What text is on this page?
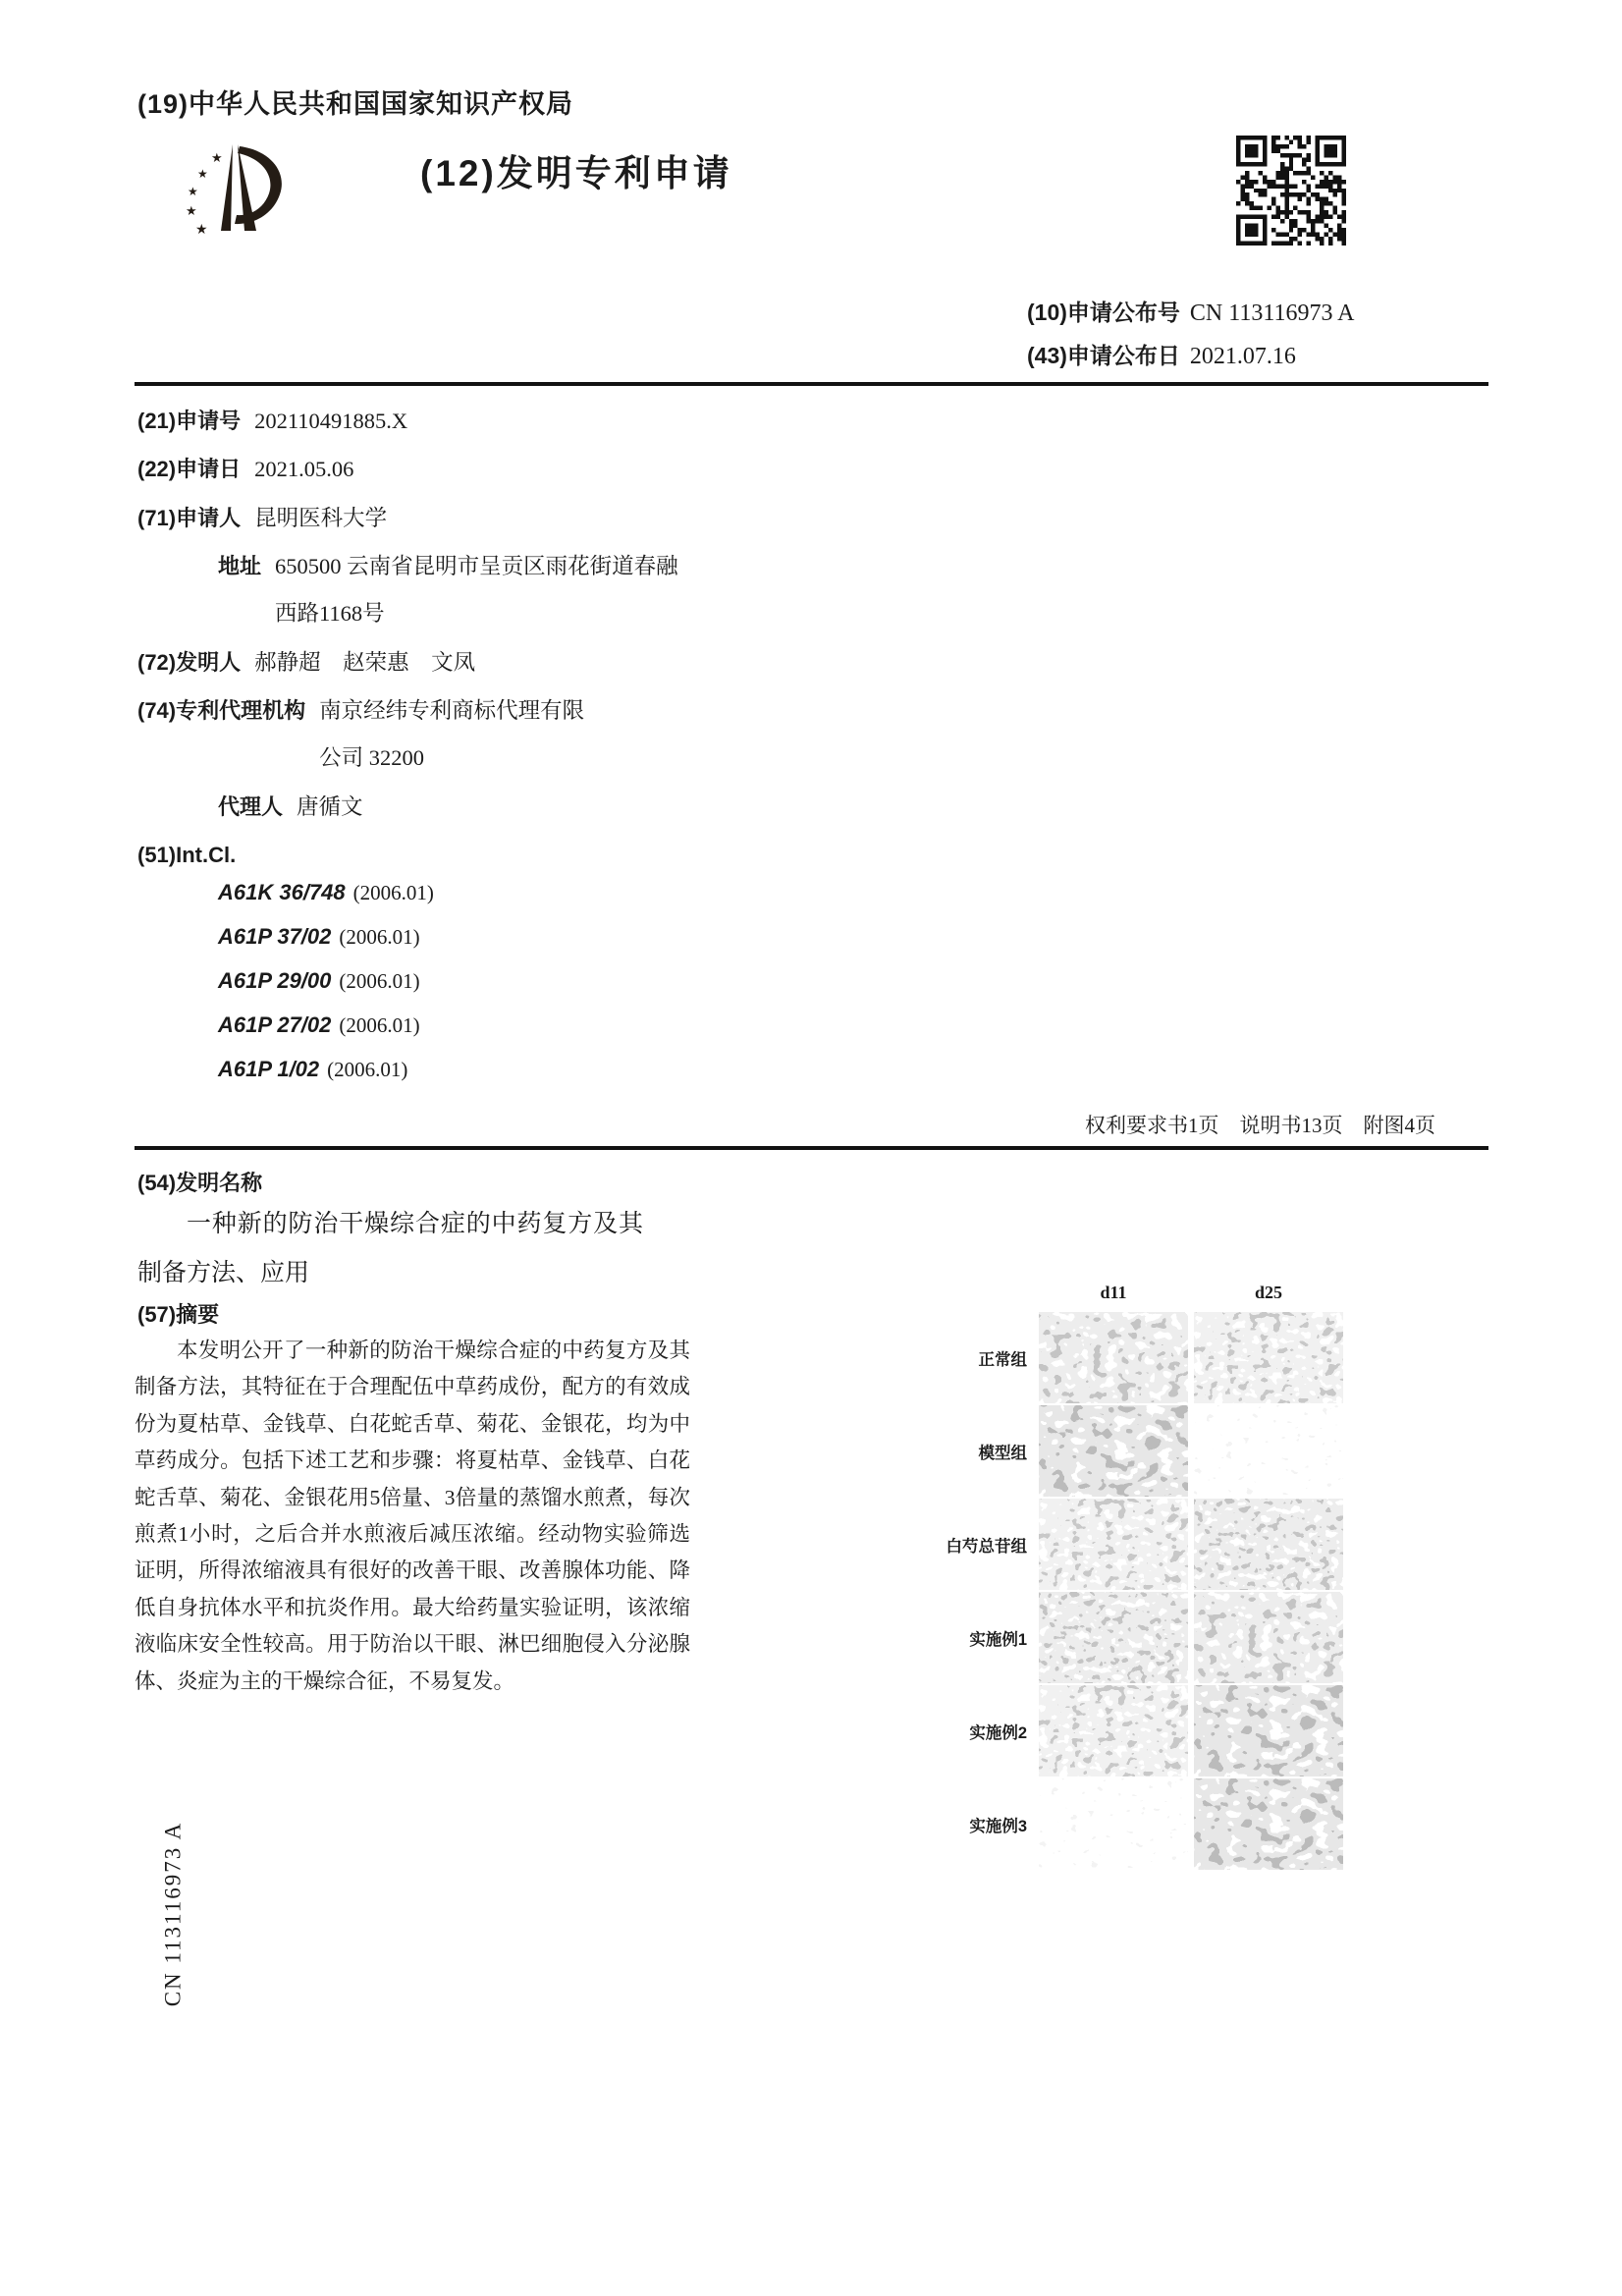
(19)中华人民共和国国家知识产权局
★
★
★
★
★
(12)发明专利申请
(10)申请公布号 CN 113116973 A
(43)申请公布日 2021.07.16
(21)申请号 202110491885.X
(22)申请日 2021.05.06
(71)申请人 昆明医科大学
地址 650500 云南省昆明市呈贡区雨花街道春融西路1168号
(72)发明人 郝静超　赵荣惠　文凤
(74)专利代理机构 南京经纬专利商标代理有限公司 32200
代理人 唐循文
(51)Int.Cl.
A61K 36/748 (2006.01)
A61P 37/02 (2006.01)
A61P 29/00 (2006.01)
A61P 27/02 (2006.01)
A61P 1/02 (2006.01)
权利要求书1页　说明书13页　附图4页
(54)发明名称
一种新的防治干燥综合症的中药复方及其制备方法、应用
(57)摘要
本发明公开了一种新的防治干燥综合症的中药复方及其制备方法，其特征在于合理配伍中草药成份，配方的有效成份为夏枯草、金钱草、白花蛇舌草、菊花、金银花，均为中草药成分。包括下述工艺和步骤：将夏枯草、金钱草、白花蛇舌草、菊花、金银花用5倍量、3倍量的蒸馏水煎煮，每次煎煮1小时，之后合并水煎液后减压浓缩。经动物实验筛选证明，所得浓缩液具有很好的改善干眼、改善腺体功能、降低自身抗体水平和抗炎作用。最大给药量实验证明，该浓缩液临床安全性较高。用于防治以干眼、淋巴细胞侵入分泌腺体、炎症为主的干燥综合征，不易复发。
d11	d25
正常组
模型组
白芍总苷组
实施例1
实施例2
实施例3
CN 113116973 A
